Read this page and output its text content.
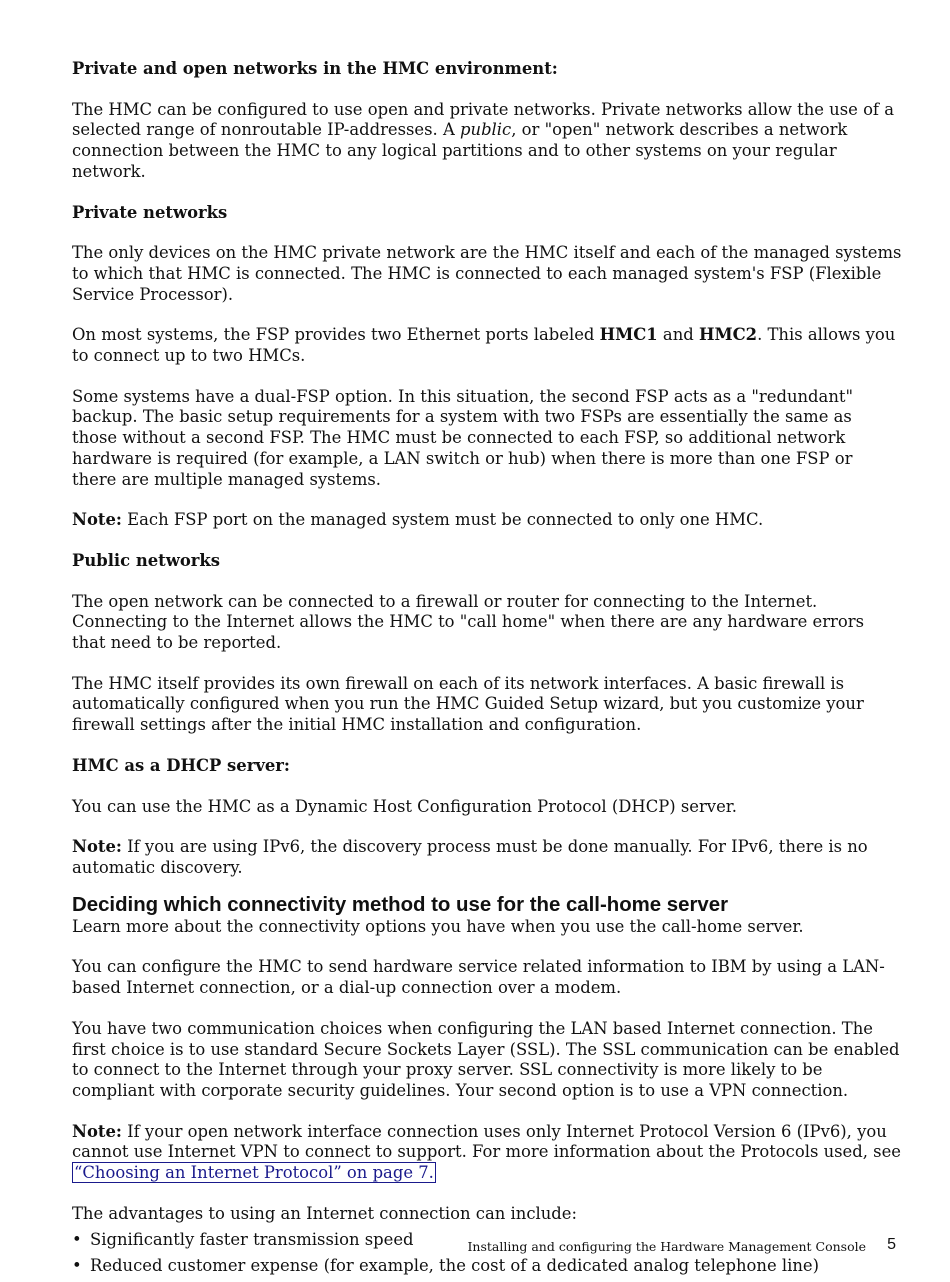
Private and open networks in the HMC environment:

The HMC can be configured to use open and private networks. Private networks allow the use of a selected range of nonroutable IP-addresses. A public, or "open" network describes a network connection between the HMC to any logical partitions and to other systems on your regular network.

Private networks

The only devices on the HMC private network are the HMC itself and each of the managed systems to which that HMC is connected. The HMC is connected to each managed system's FSP (Flexible Service Processor).

On most systems, the FSP provides two Ethernet ports labeled HMC1 and HMC2. This allows you to connect up to two HMCs.

Some systems have a dual-FSP option. In this situation, the second FSP acts as a "redundant" backup. The basic setup requirements for a system with two FSPs are essentially the same as those without a second FSP. The HMC must be connected to each FSP, so additional network hardware is required (for example, a LAN switch or hub) when there is more than one FSP or there are multiple managed systems.

Note: Each FSP port on the managed system must be connected to only one HMC.

Public networks

The open network can be connected to a firewall or router for connecting to the Internet. Connecting to the Internet allows the HMC to "call home" when there are any hardware errors that need to be reported.

The HMC itself provides its own firewall on each of its network interfaces. A basic firewall is automatically configured when you run the HMC Guided Setup wizard, but you customize your firewall settings after the initial HMC installation and configuration.

HMC as a DHCP server:

You can use the HMC as a Dynamic Host Configuration Protocol (DHCP) server.

Note: If you are using IPv6, the discovery process must be done manually. For IPv6, there is no automatic discovery.

Deciding which connectivity method to use for the call-home server

Learn more about the connectivity options you have when you use the call-home server.

You can configure the HMC to send hardware service related information to IBM by using a LAN-based Internet connection, or a dial-up connection over a modem.

You have two communication choices when configuring the LAN based Internet connection. The first choice is to use standard Secure Sockets Layer (SSL). The SSL communication can be enabled to connect to the Internet through your proxy server. SSL connectivity is more likely to be compliant with corporate security guidelines. Your second option is to use a VPN connection.

Note: If your open network interface connection uses only Internet Protocol Version 6 (IPv6), you cannot use Internet VPN to connect to support. For more information about the Protocols used, see “Choosing an Internet Protocol” on page 7.

The advantages to using an Internet connection can include:

• Significantly faster transmission speed
• Reduced customer expense (for example, the cost of a dedicated analog telephone line)
Installing and configuring the Hardware Management Console 5
